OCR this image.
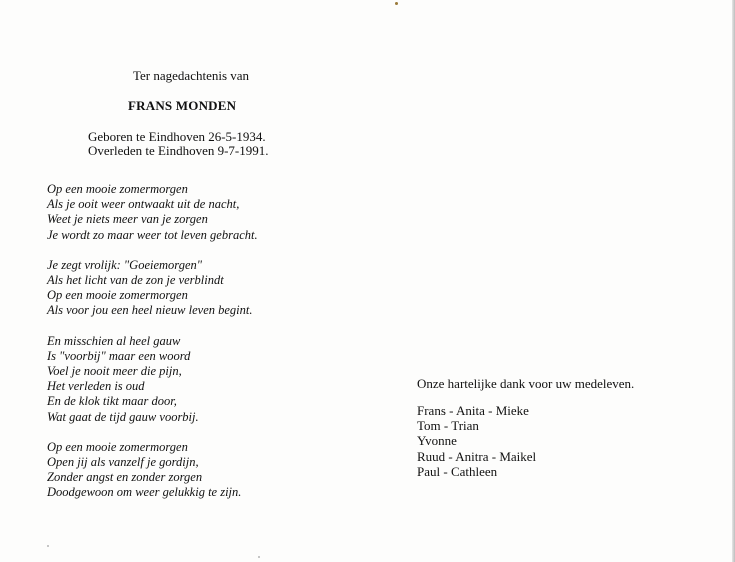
Ter nagedachtenis van
FRANS MONDEN
Geboren te Eindhoven 26-5-1934.
Overleden te Eindhoven 9-7-1991.
Op een mooie zomermorgen
Als je ooit weer ontwaakt uit de nacht,
Weet je niets meer van je zorgen
Je wordt zo maar weer tot leven gebracht.
Je zegt vrolijk: "Goeiemorgen"
Als het licht van de zon je verblindt
Op een mooie zomermorgen
Als voor jou een heel nieuw leven begint.
En misschien al heel gauw
Is "voorbij" maar een woord
Voel je nooit meer die pijn,
Het verleden is oud
En de klok tikt maar door,
Wat gaat de tijd gauw voorbij.
Op een mooie zomermorgen
Open jij als vanzelf je gordijn,
Zonder angst en zonder zorgen
Doodgewoon om weer gelukkig te zijn.
Onze hartelijke dank voor uw medeleven.
Frans - Anita - Mieke
Tom - Trian
Yvonne
Ruud - Anitra - Maikel
Paul - Cathleen
